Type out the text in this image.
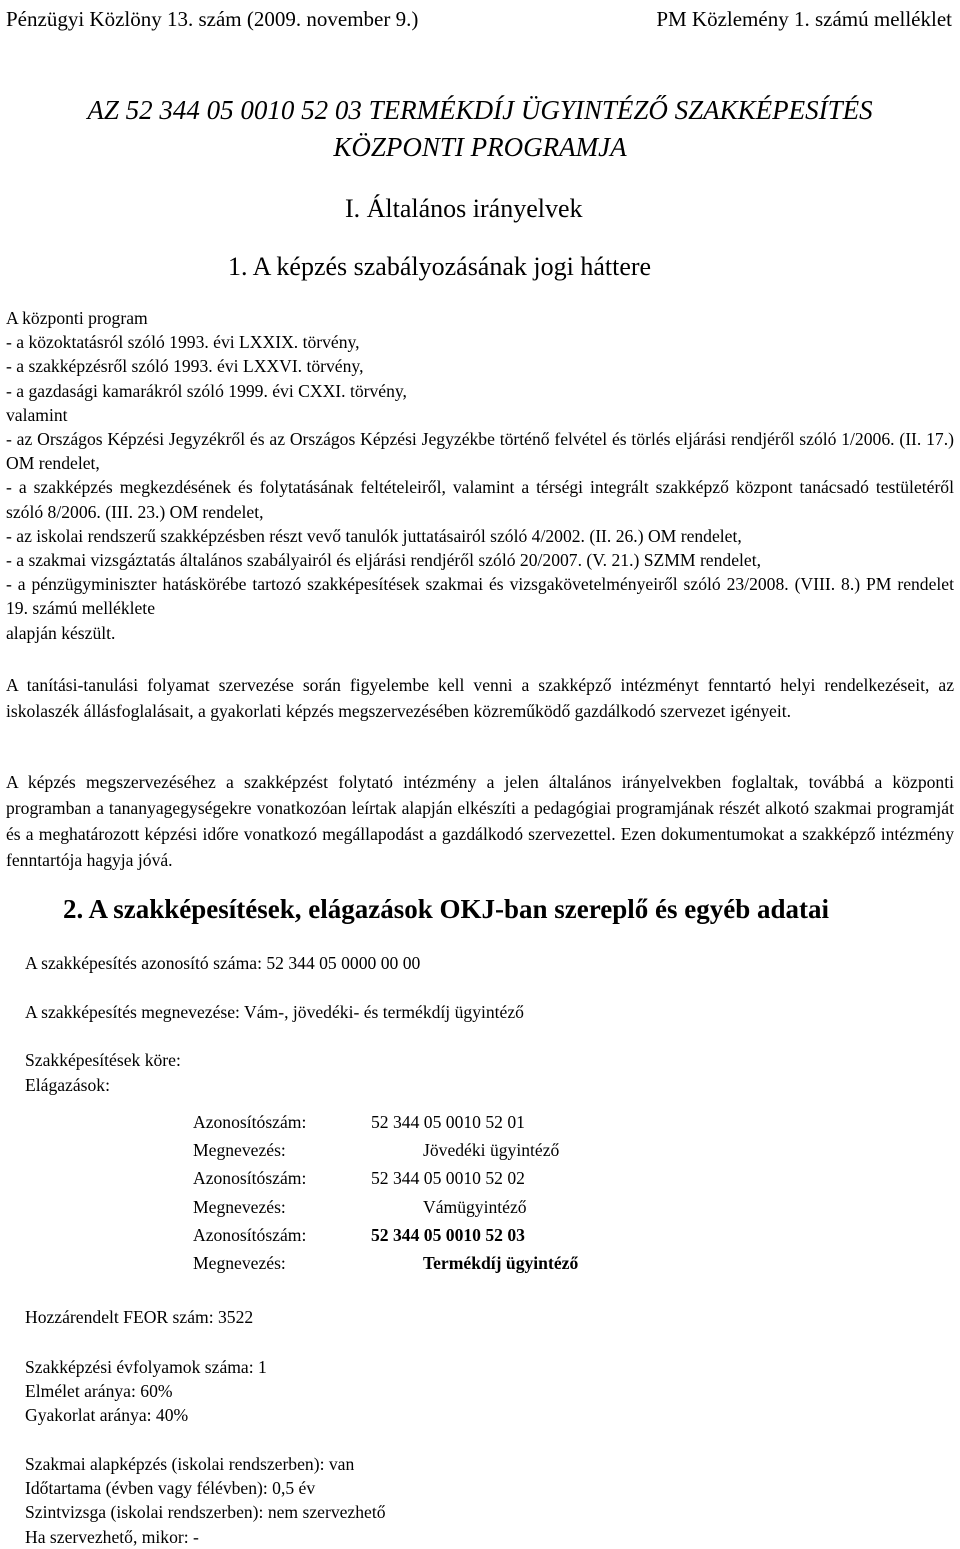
Pénzügyi Közlöny 13. szám (2009. november 9.)	PM Közlemény 1. számú melléklet
AZ 52 344 05 0010 52 03 TERMÉKDÍJ ÜGYINTÉZŐ SZAKKÉPESÍTÉS
KÖZPONTI PROGRAMJA
I. Általános irányelvek
1. A képzés szabályozásának jogi háttere

A központi program

- a közoktatásról szóló 1993. évi LXXIX. törvény,

- a szakképzésről szóló 1993. évi LXXVI. törvény,

- a gazdasági kamarákról szóló 1999. évi CXXI. törvény,

valamint

- az Országos Képzési Jegyzékről és az Országos Képzési Jegyzékbe történő felvétel és törlés eljárási rendjéről szóló 1/2006. (II. 17.) OM rendelet,

- a szakképzés megkezdésének és folytatásának feltételeiről, valamint a térségi integrált szakképző központ tanácsadó testületéről szóló 8/2006. (III. 23.) OM rendelet,

- az iskolai rendszerű szakképzésben részt vevő tanulók juttatásairól szóló 4/2002. (II. 26.) OM rendelet,

- a szakmai vizsgáztatás általános szabályairól és eljárási rendjéről szóló 20/2007. (V. 21.) SZMM rendelet,

- a pénzügyminiszter hatáskörébe tartozó szakképesítések szakmai és vizsgakövetelményeiről szóló 23/2008. (VIII. 8.) PM rendelet 19. számú melléklete

alapján készült.

A tanítási-tanulási folyamat szervezése során figyelembe kell venni a szakképző intézményt fenntartó helyi rendelkezéseit, az iskolaszék állásfoglalásait, a gyakorlati képzés megszervezésében közreműködő gazdálkodó szervezet igényeit.
A képzés megszervezéséhez a szakképzést folytató intézmény a jelen általános irányelvekben foglaltak, továbbá a központi programban a tananyagegységekre vonatkozóan leírtak alapján elkészíti a pedagógiai programjának részét alkotó szakmai programját és a meghatározott képzési időre vonatkozó megállapodást a gazdálkodó szervezettel. Ezen dokumentumokat a szakképző intézmény fenntartója hagyja jóvá.
2. A szakképesítések, elágazások OKJ-ban szereplő és egyéb adatai
A szakképesítés azonosító száma: 52 344 05 0000 00 00
A szakképesítés megnevezése: Vám-, jövedéki- és termékdíj ügyintéző
Szakképesítések köre:
Elágazások:
Azonosítószám:	52 344 05 0010 52 01
Megnevezés:	Jövedéki ügyintéző
Azonosítószám:	52 344 05 0010 52 02
Megnevezés:	Vámügyintéző
Azonosítószám:	52 344 05 0010 52 03
Megnevezés:	Termékdíj ügyintéző
Hozzárendelt FEOR szám: 3522

Szakképzési évfolyamok száma: 1

Elmélet aránya: 60%

Gyakorlat aránya: 40%

Szakmai alapképzés (iskolai rendszerben): van

Időtartama (évben vagy félévben): 0,5 év

Szintvizsga (iskolai rendszerben): nem szervezhető

Ha szervezhető, mikor: -
